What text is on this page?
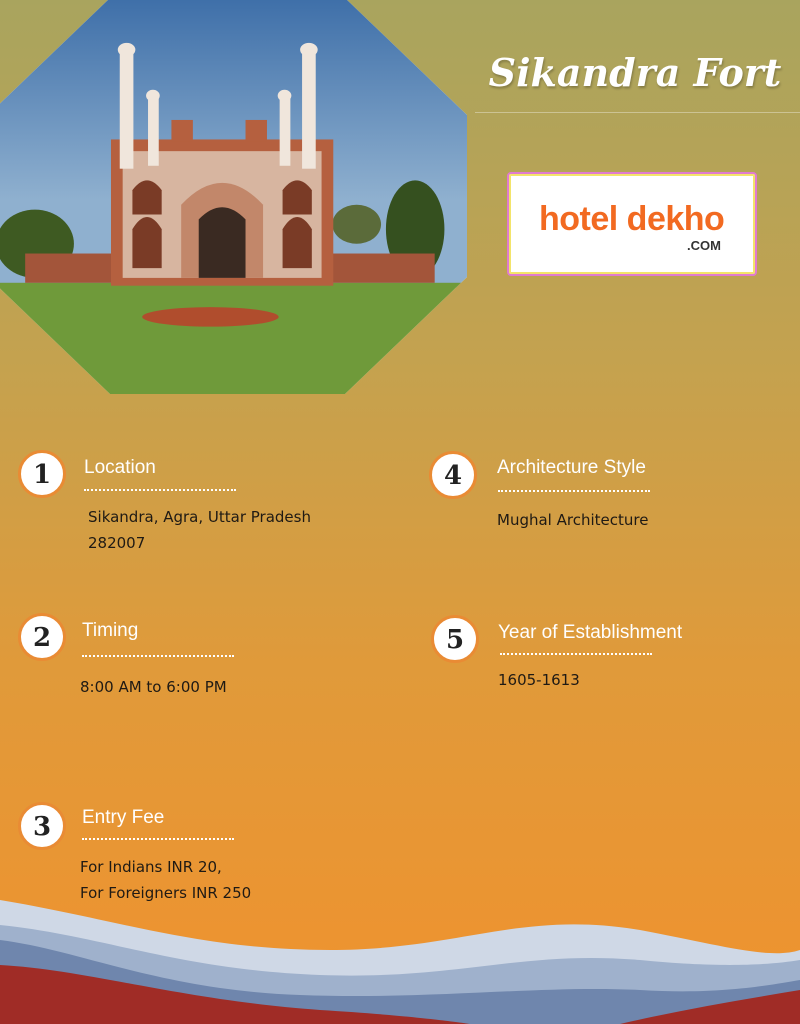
Sikandra Fort
hotel dekho
.COM
1	Location
Sikandra, Agra, Uttar Pradesh
282007
2	Timing
8:00 AM to 6:00 PM
3	Entry Fee
For Indians INR 20,
For Foreigners INR 250
4	Architecture Style
Mughal Architecture
5	Year of Establishment
1605-1613
